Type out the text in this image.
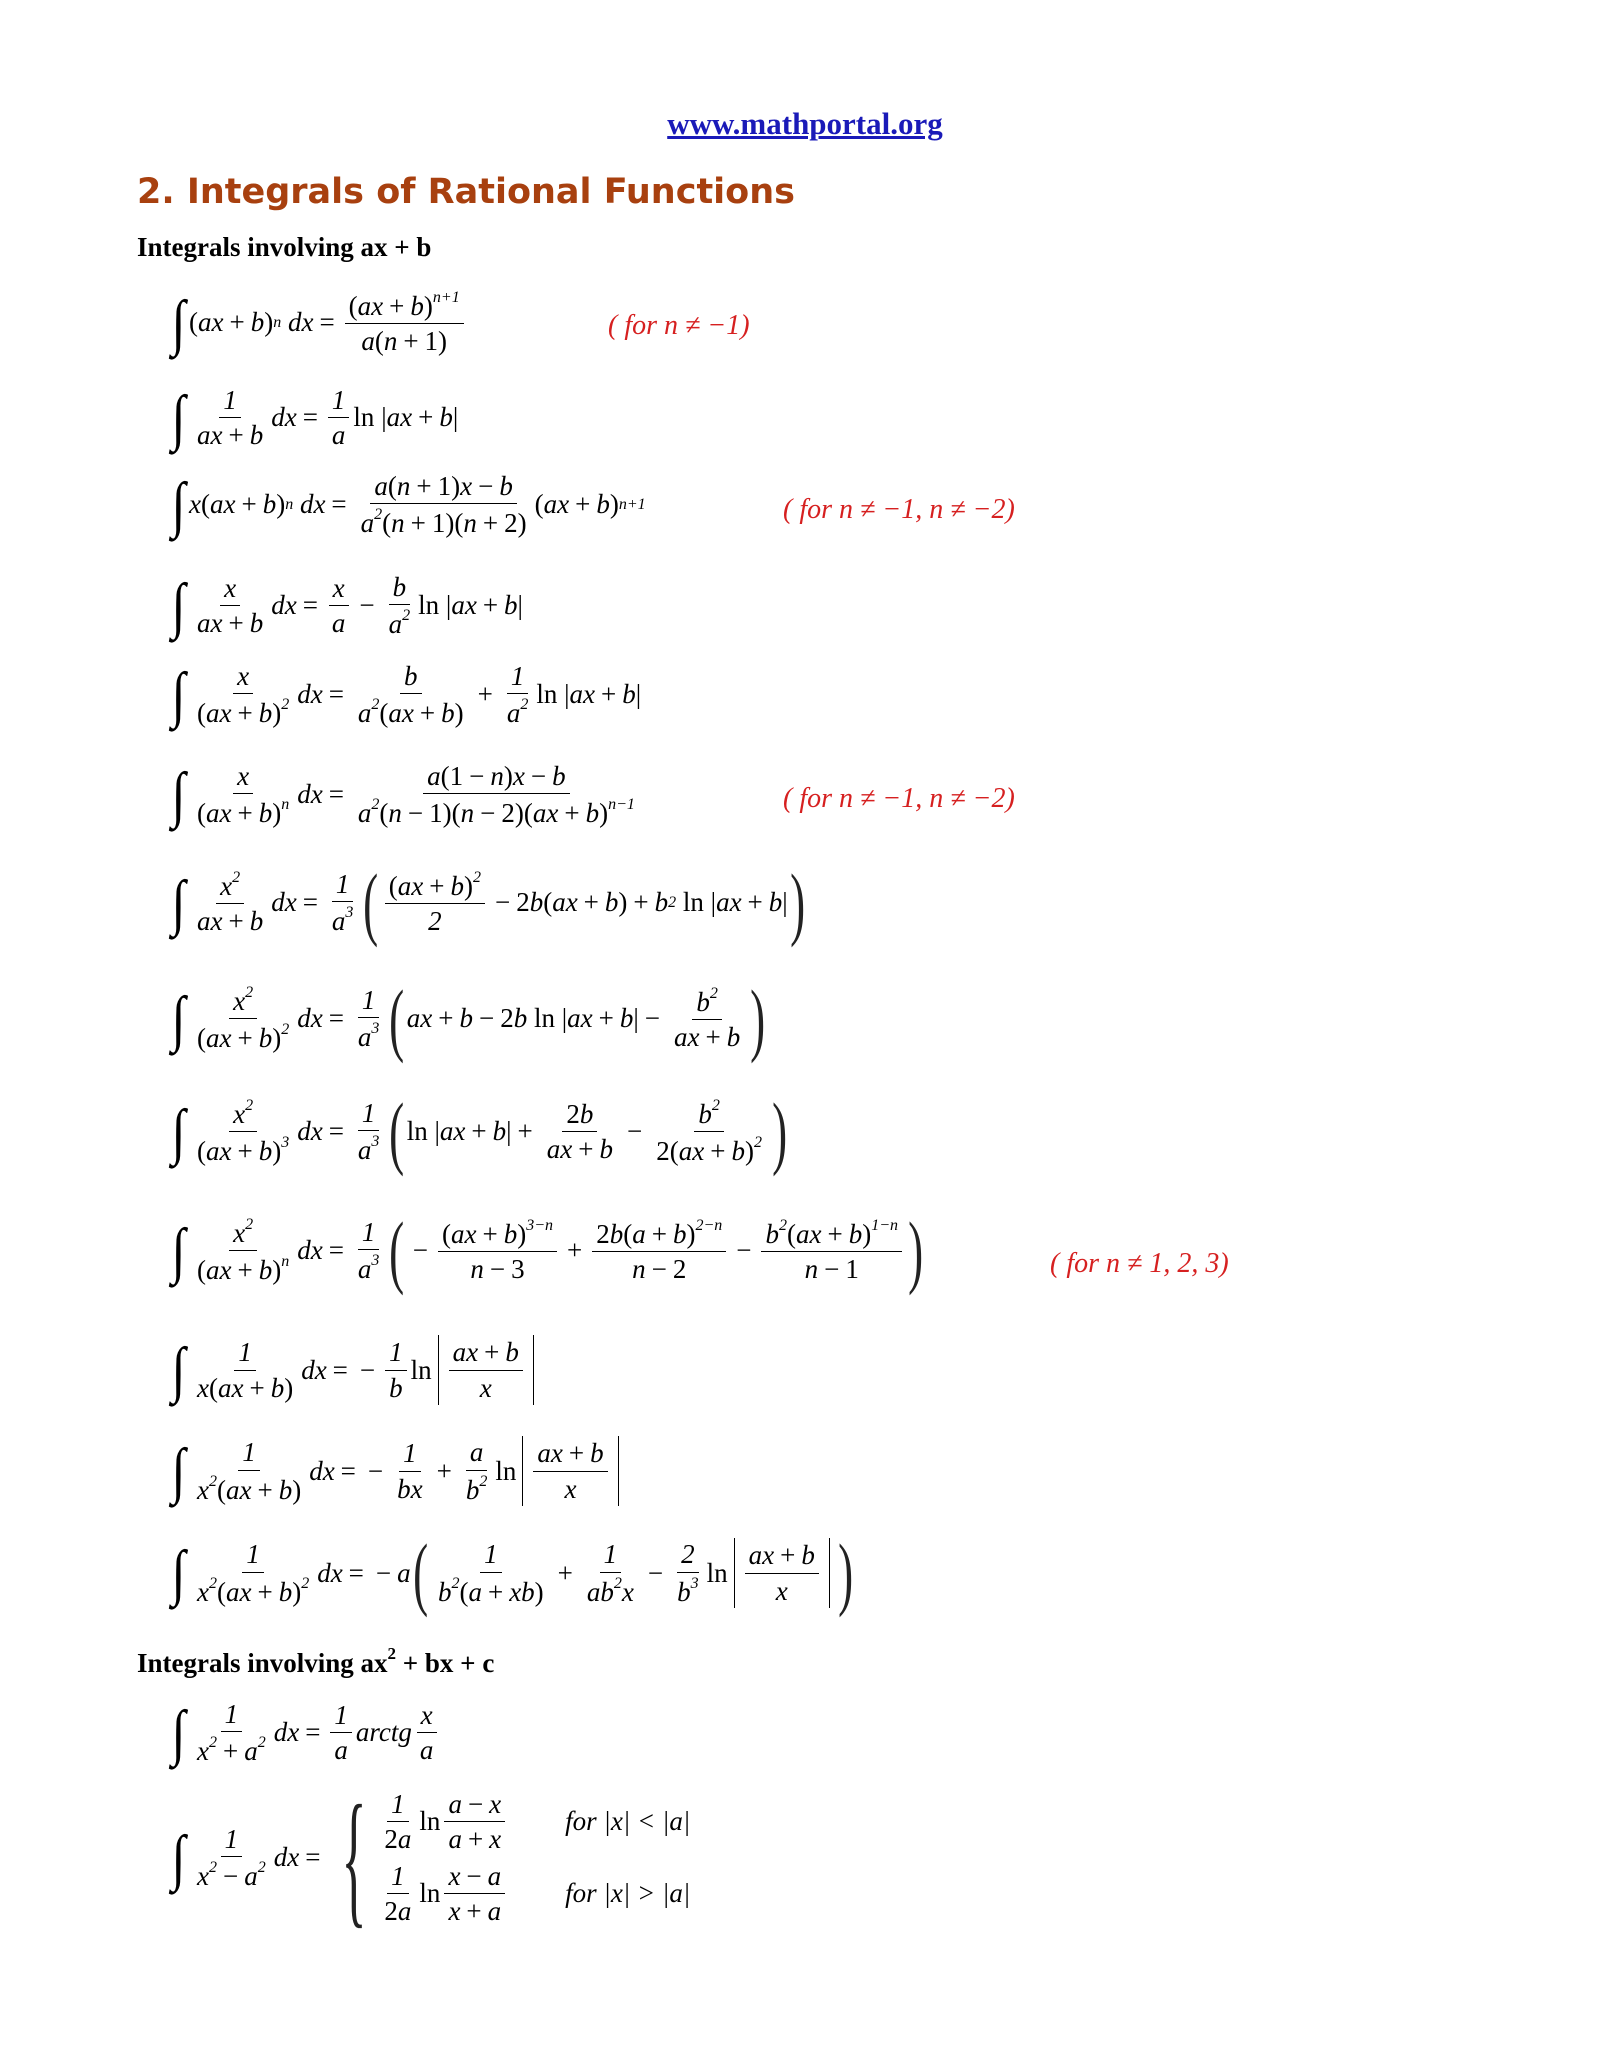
www.mathportal.org
2. Integrals of Rational Functions
Integrals involving ax + b
∫ ( ax + b ) n dx = $\frac{(ax + b)^{n+1}}{a(n + 1)}$	( for n ≠ −1)
∫ $\frac{1}{ax + b}$ dx = $\frac{1}{a}$ ln
| ax + b |
∫ x ( ax + b ) n dx = $\frac{a(n + 1)x - b}{a^2(n + 1)(n + 2)}$ ( ax + b ) n+1	( for n ≠ −1, n ≠ −2)
∫ $\frac{x}{ax + b}$ dx = $\frac{x}{a} - \frac{b}{a^2}$ ln
| ax + b |
∫ $\frac{x}{(ax + b)^2}$ dx = $\frac{b}{a^2(ax + b)} + \frac{1}{a^2}$ ln
| ax + b |
∫ $\frac{x}{(ax + b)^n}$ dx = $\frac{a(1 - n)x - b}{a^2(n - 1)(n - 2)(ax + b)^{n-1}}$	( for n ≠ −1, n ≠ −2)
∫ $\frac{x^2}{ax + b}$ dx = $\frac{1}{a^3}$ ( $\frac{(ax + b)^2}{2} - 2$ b ( ax + b ) + b 2
ln
| ax + b | )
∫ $\frac{x^2}{(ax + b)^2}$ dx = $\frac{1}{a^3}$ ( ax + b − 2 b ln
| ax + b | − $\frac{b^2}{ax + b}$ )
∫ $\frac{x^2}{(ax + b)^3}$ dx = $\frac{1}{a^3}$ ( ln
| ax + b | + $\frac{2b}{ax + b} - \frac{b^2}{2(ax + b)^2}$ )
∫ $\frac{x^2}{(ax + b)^n}$ dx = $\frac{1}{a^3}$ ( − $\frac{(ax + b)^{3-n}}{n - 3} + \frac{2b(a + b)^{2-n}}{n - 2} - \frac{b^2(ax + b)^{1-n}}{n - 1}$ )	( for n ≠ 1, 2, 3)
∫ $\frac{1}{x(ax + b)}$ dx = − $\frac{1}{b}$ $\ln \frac{ax + b}{x}$
∫ $\frac{1}{x^2(ax + b)}$ dx = − $\frac{1}{bx} + \frac{a}{b^2}$ $\ln \frac{ax + b}{x}$
∫ $\frac{1}{x^2(ax + b)^2}$ dx = − a ( $\frac{1}{b^2(a + xb)} + \frac{1}{ab^2x} - \frac{2}{b^3}$ $\ln \frac{ax + b}{x}$ )
Integrals involving $ax^2$ + bx + c
∫ $\frac{1}{x^2 + a^2}$ dx = $\frac{1}{a}$ arctg $\frac{x}{a}$
∫ $\frac{1}{x^2 - a^2}$ dx = { $\frac{1}{2a}$ $\ln \frac{a - x}{a + x}$ for |x| < |a|
$\frac{1}{2a}$ $\ln \frac{x - a}{x + a}$ for |x| > |a|
